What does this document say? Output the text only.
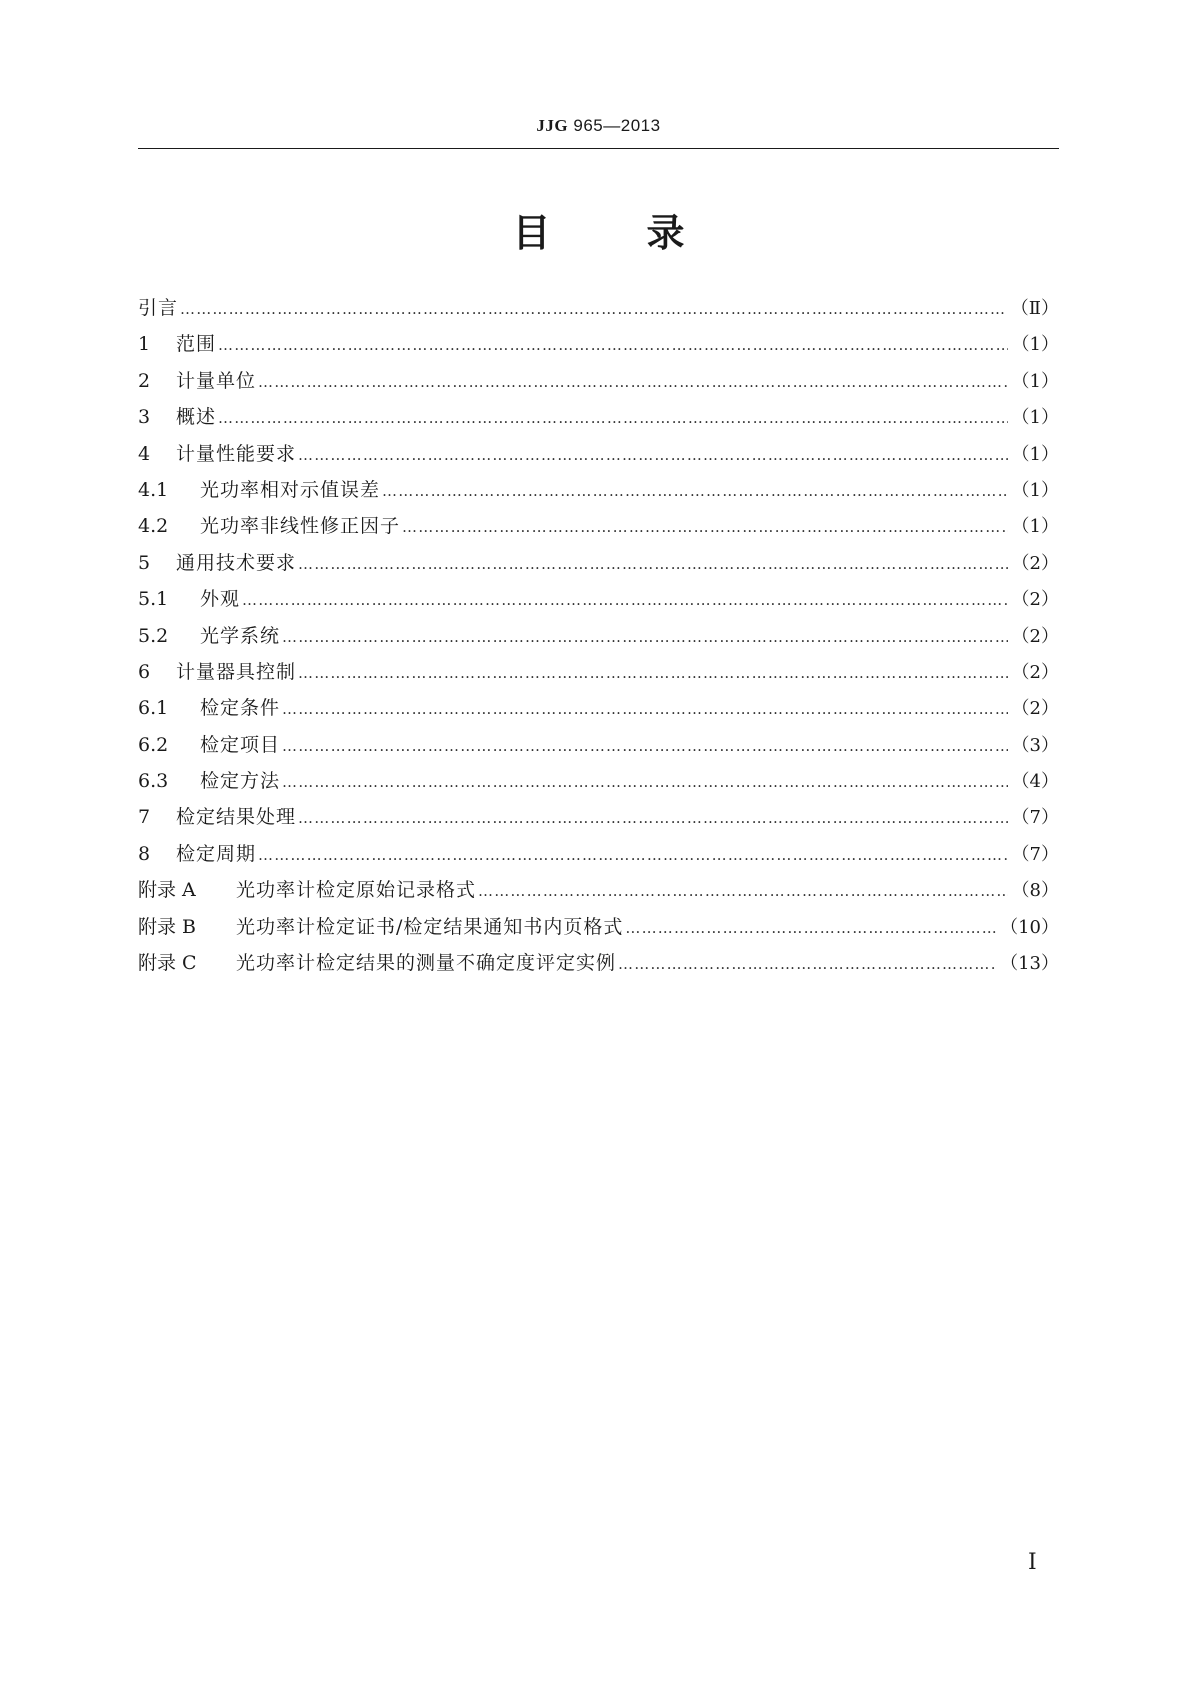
JJG 965—2013
目	录
引言 …………………………………………………………………………………………………………………………………………………………………………………………………………………………………	（Ⅱ）
1	范围 …………………………………………………………………………………………………………………………………………………………………………………………………………………………………	（1）
2	计量单位 …………………………………………………………………………………………………………………………………………………………………………………………………………………………………	（1）
3	概述 …………………………………………………………………………………………………………………………………………………………………………………………………………………………………	（1）
4	计量性能要求 …………………………………………………………………………………………………………………………………………………………………………………………………………………………………	（1）
4.1	光功率相对示值误差 …………………………………………………………………………………………………………………………………………………………………………………………………………………………………	（1）
4.2	光功率非线性修正因子 …………………………………………………………………………………………………………………………………………………………………………………………………………………………………	（1）
5	通用技术要求 …………………………………………………………………………………………………………………………………………………………………………………………………………………………………	（2）
5.1	外观 …………………………………………………………………………………………………………………………………………………………………………………………………………………………………	（2）
5.2	光学系统 …………………………………………………………………………………………………………………………………………………………………………………………………………………………………	（2）
6	计量器具控制 …………………………………………………………………………………………………………………………………………………………………………………………………………………………………	（2）
6.1	检定条件 …………………………………………………………………………………………………………………………………………………………………………………………………………………………………	（2）
6.2	检定项目 …………………………………………………………………………………………………………………………………………………………………………………………………………………………………	（3）
6.3	检定方法 …………………………………………………………………………………………………………………………………………………………………………………………………………………………………	（4）
7	检定结果处理 …………………………………………………………………………………………………………………………………………………………………………………………………………………………………	（7）
8	检定周期 …………………………………………………………………………………………………………………………………………………………………………………………………………………………………	（7）
附录 A	光功率计检定原始记录格式 …………………………………………………………………………………………………………………………………………………………………………………………………………………………………	（8）
附录 B	光功率计检定证书/检定结果通知书内页格式 …………………………………………………………………………………………………………………………………………………………………………………………………………………………………	（10）
附录 C	光功率计检定结果的测量不确定度评定实例 …………………………………………………………………………………………………………………………………………………………………………………………………………………………………	（13）
Ⅰ
